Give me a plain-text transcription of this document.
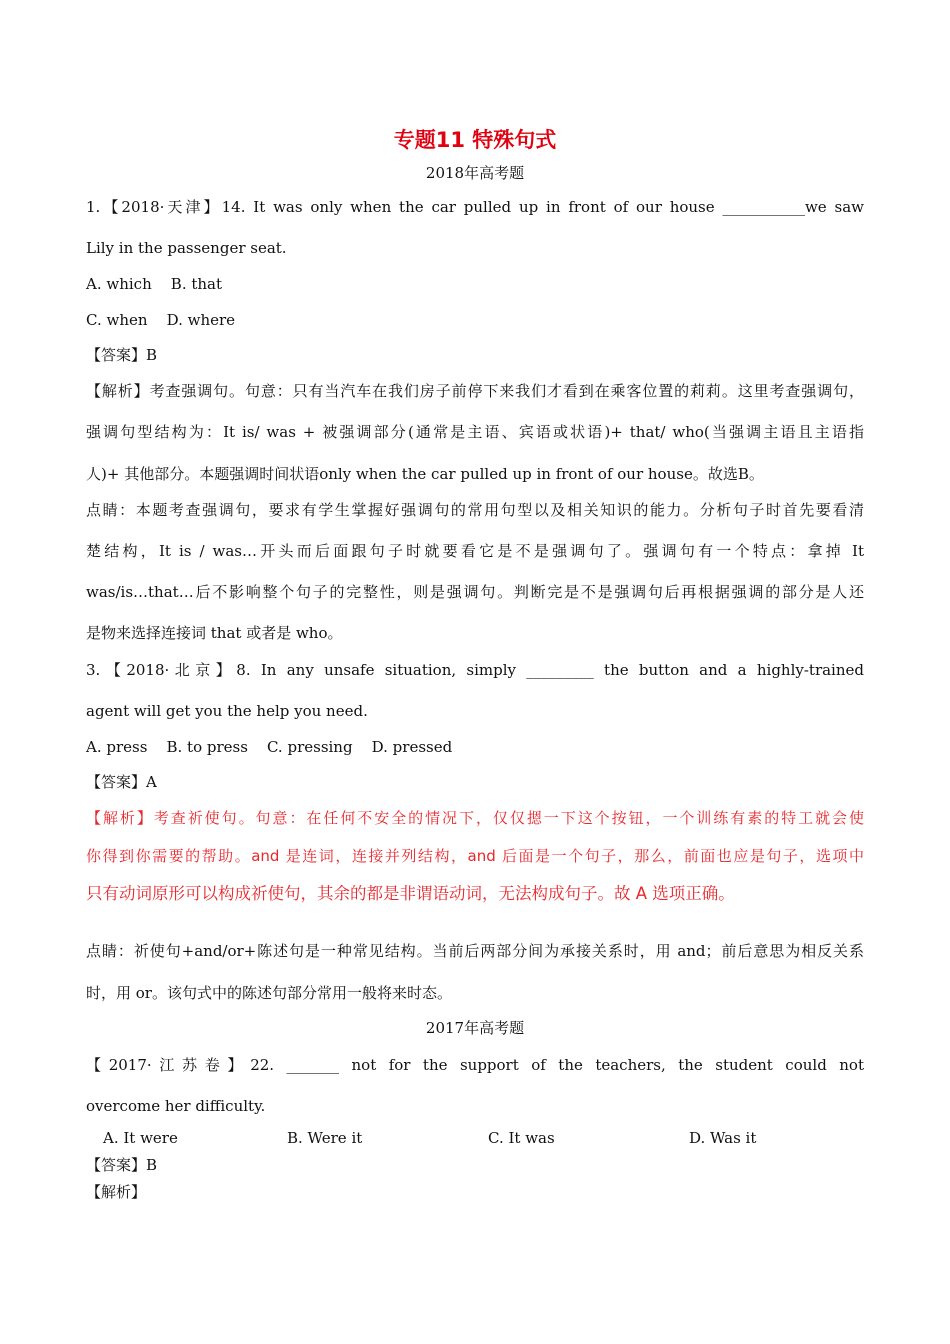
专题11 特殊句式
2018年高考题
1.【2018·天津】14. It was only when the car pulled up in front of our house ___________we saw
Lily in the passenger seat.
A. which    B. that
C. when    D. where
【答案】B
【解析】考查强调句。句意：只有当汽车在我们房子前停下来我们才看到在乘客位置的莉莉。这里考查强调句，
强调句型结构为：It is/ was + 被强调部分(通常是主语、宾语或状语)+ that/ who(当强调主语且主语指
人)+ 其他部分。本题强调时间状语only when the car pulled up in front of our house。故选B。
点睛：本题考查强调句，要求有学生掌握好强调句的常用句型以及相关知识的能力。分析句子时首先要看清
楚结构，It is / was…开头而后面跟句子时就要看它是不是强调句了。强调句有一个特点：拿掉 It
was/is…that…后不影响整个句子的完整性，则是强调句。判断完是不是强调句后再根据强调的部分是人还
是物来选择连接词 that 或者是 who。
3.【2018·北京】8. In any unsafe situation, simply _________ the button and a highly-trained
agent will get you the help you need.
A. press    B. to press    C. pressing    D. pressed
【答案】A
【解析】考查祈使句。句意：在任何不安全的情况下，仅仅摁一下这个按钮，一个训练有素的特工就会使
你得到你需要的帮助。and 是连词，连接并列结构，and 后面是一个句子，那么，前面也应是句子，选项中
只有动词原形可以构成祈使句，其余的都是非谓语动词，无法构成句子。故 A 选项正确。
点睛：祈使句+and/or+陈述句是一种常见结构。当前后两部分间为承接关系时，用 and；前后意思为相反关系
时，用 or。该句式中的陈述句部分常用一般将来时态。
2017年高考题
【2017·江苏卷】22. _______ not for the support of the teachers, the student could not
overcome her difficulty.
A. It were	B. Were it	C. It was	D. Was it
【答案】B
【解析】
